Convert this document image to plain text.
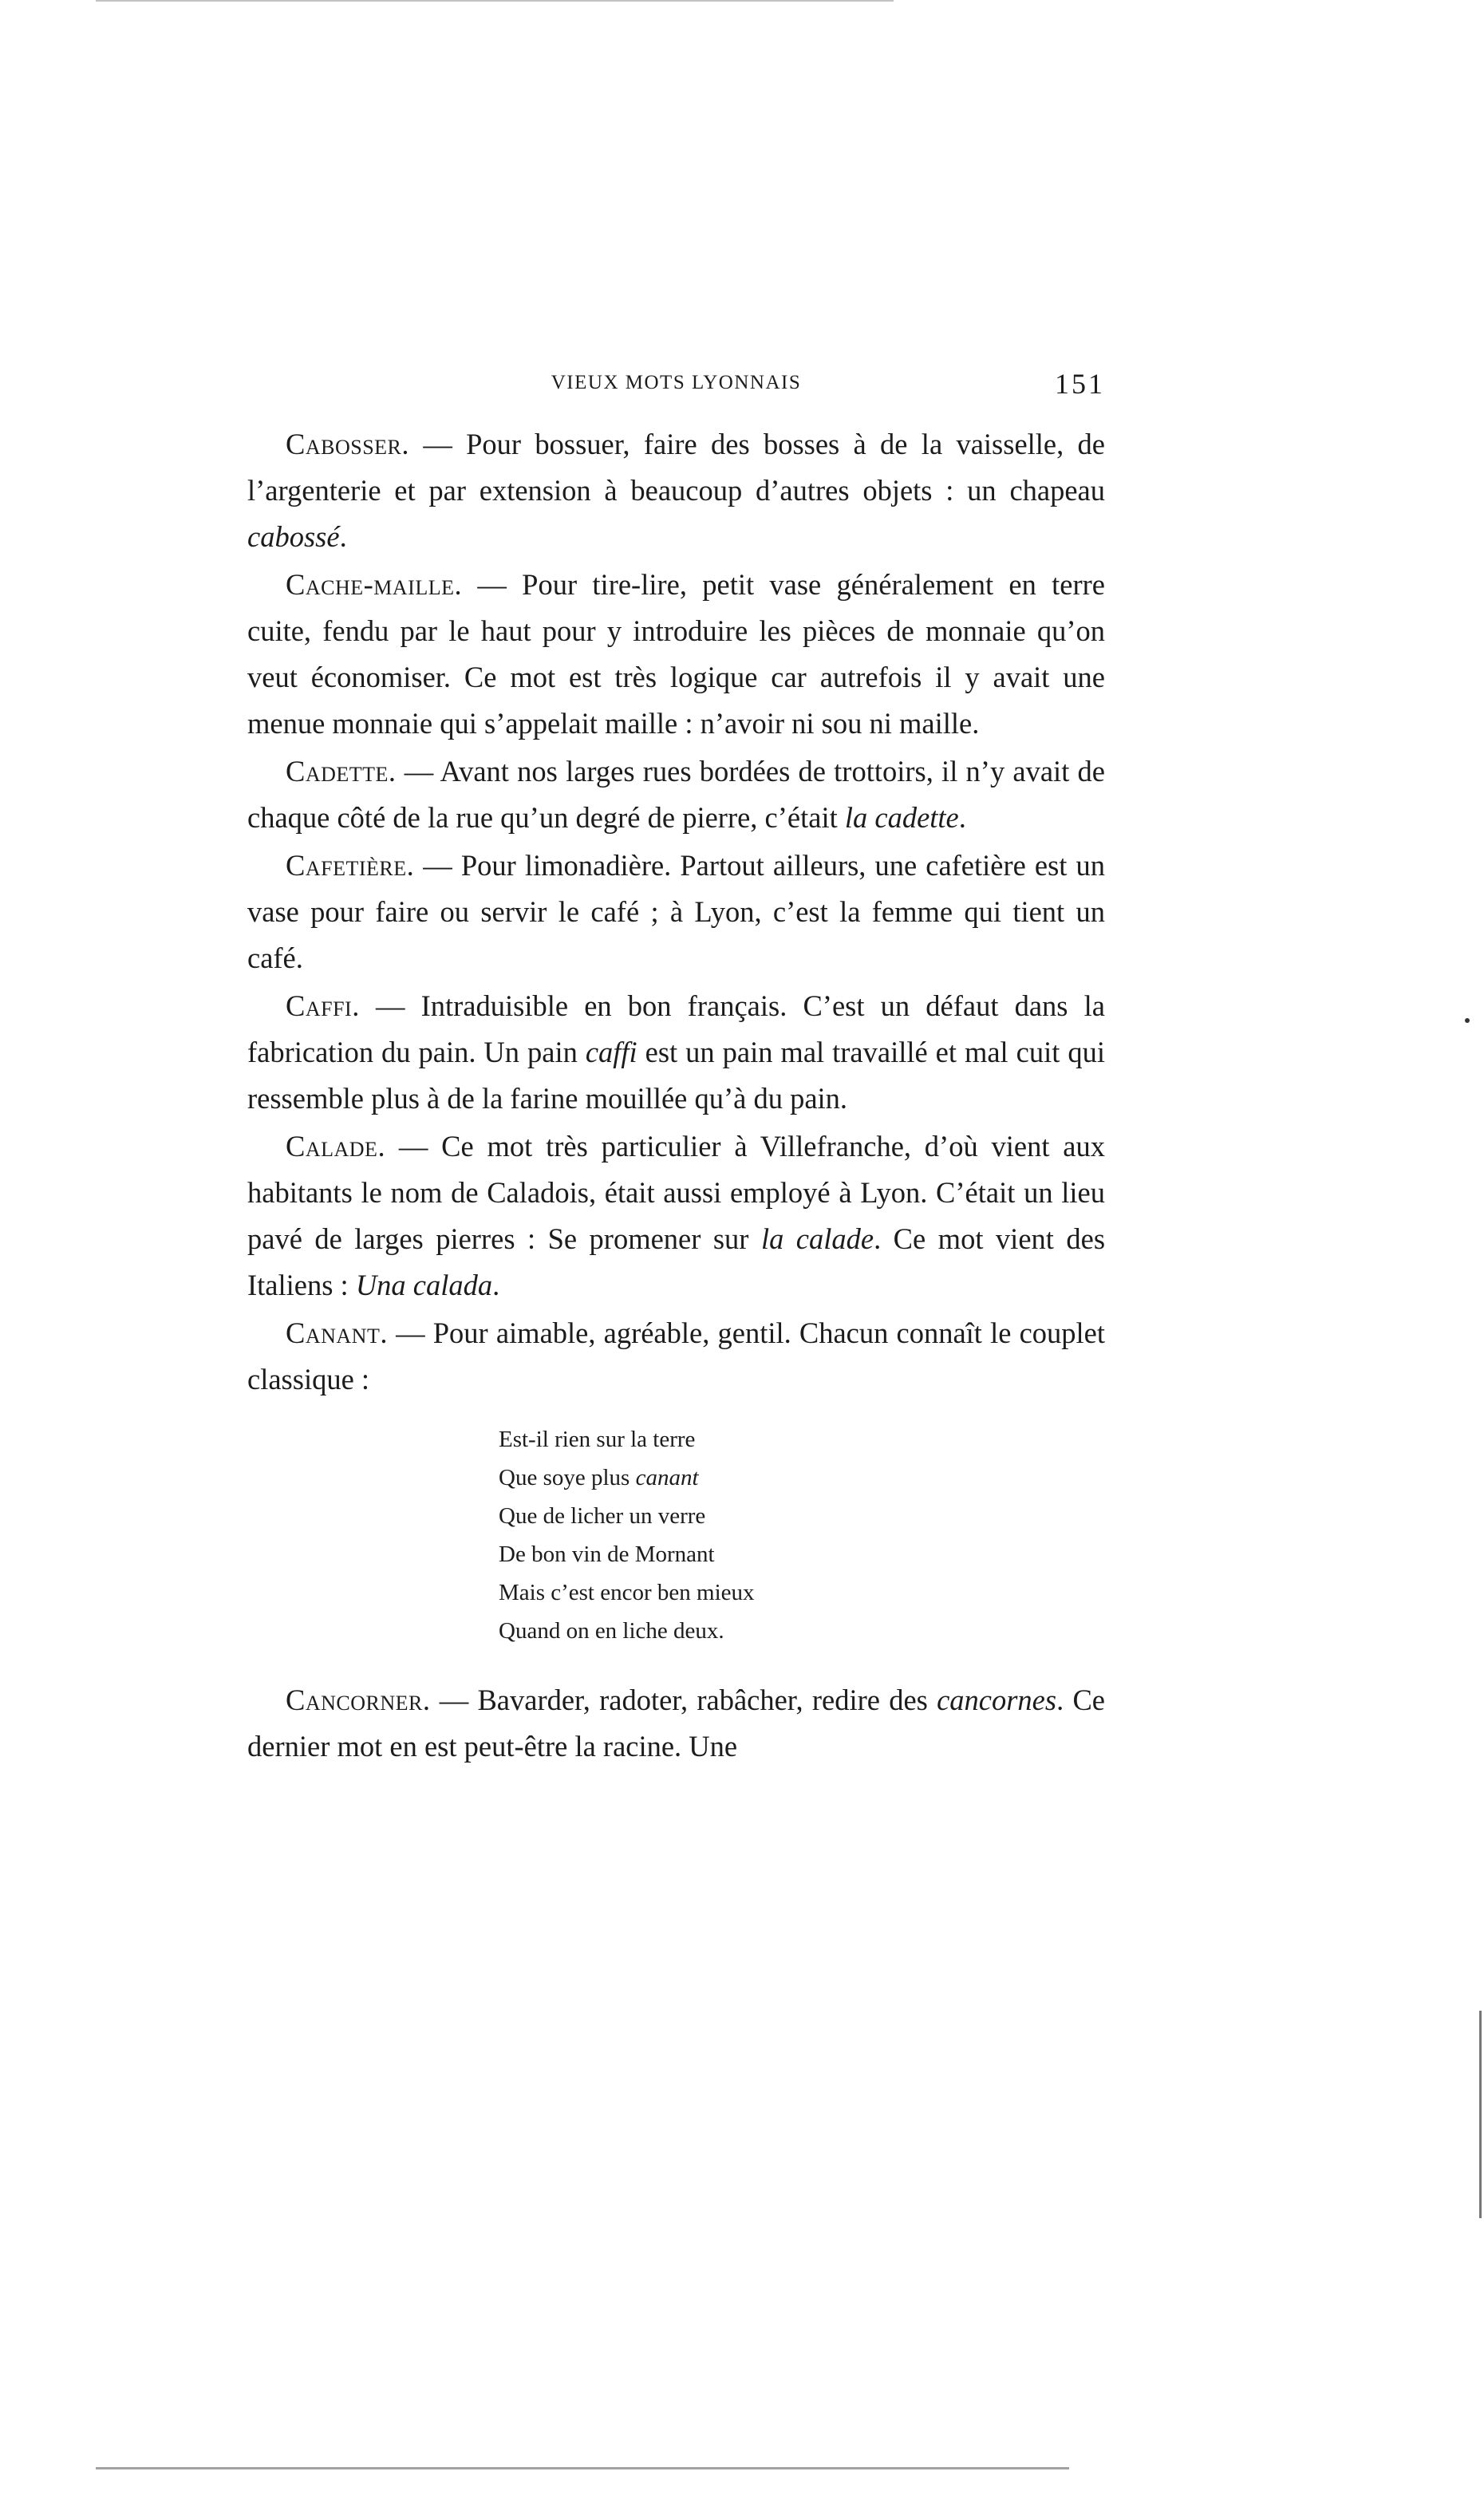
VIEUX MOTS LYONNAIS	151

Cabosser. — Pour bossuer, faire des bosses à de la vaisselle, de l’argenterie et par extension à beaucoup d’autres objets : un chapeau cabossé.

Cache-maille. — Pour tire-lire, petit vase généralement en terre cuite, fendu par le haut pour y introduire les pièces de monnaie qu’on veut économiser. Ce mot est très logique car autrefois il y avait une menue monnaie qui s’appelait maille : n’avoir ni sou ni maille.

Cadette. — Avant nos larges rues bordées de trottoirs, il n’y avait de chaque côté de la rue qu’un degré de pierre, c’était la cadette.

Cafetière. — Pour limonadière. Partout ailleurs, une cafetière est un vase pour faire ou servir le café ; à Lyon, c’est la femme qui tient un café.

Caffi. — Intraduisible en bon français. C’est un défaut dans la fabrication du pain. Un pain caffi est un pain mal travaillé et mal cuit qui ressemble plus à de la farine mouillée qu’à du pain.

Calade. — Ce mot très particulier à Villefranche, d’où vient aux habitants le nom de Caladois, était aussi employé à Lyon. C’était un lieu pavé de larges pierres : Se promener sur la calade. Ce mot vient des Italiens : Una calada.

Canant. — Pour aimable, agréable, gentil. Chacun connaît le couplet classique :

Est-il rien sur la terre
Que soye plus canant
Que de licher un verre
De bon vin de Mornant
Mais c’est encor ben mieux
Quand on en liche deux.

Cancorner. — Bavarder, radoter, rabâcher, redire des cancornes. Ce dernier mot en est peut-être la racine. Une
